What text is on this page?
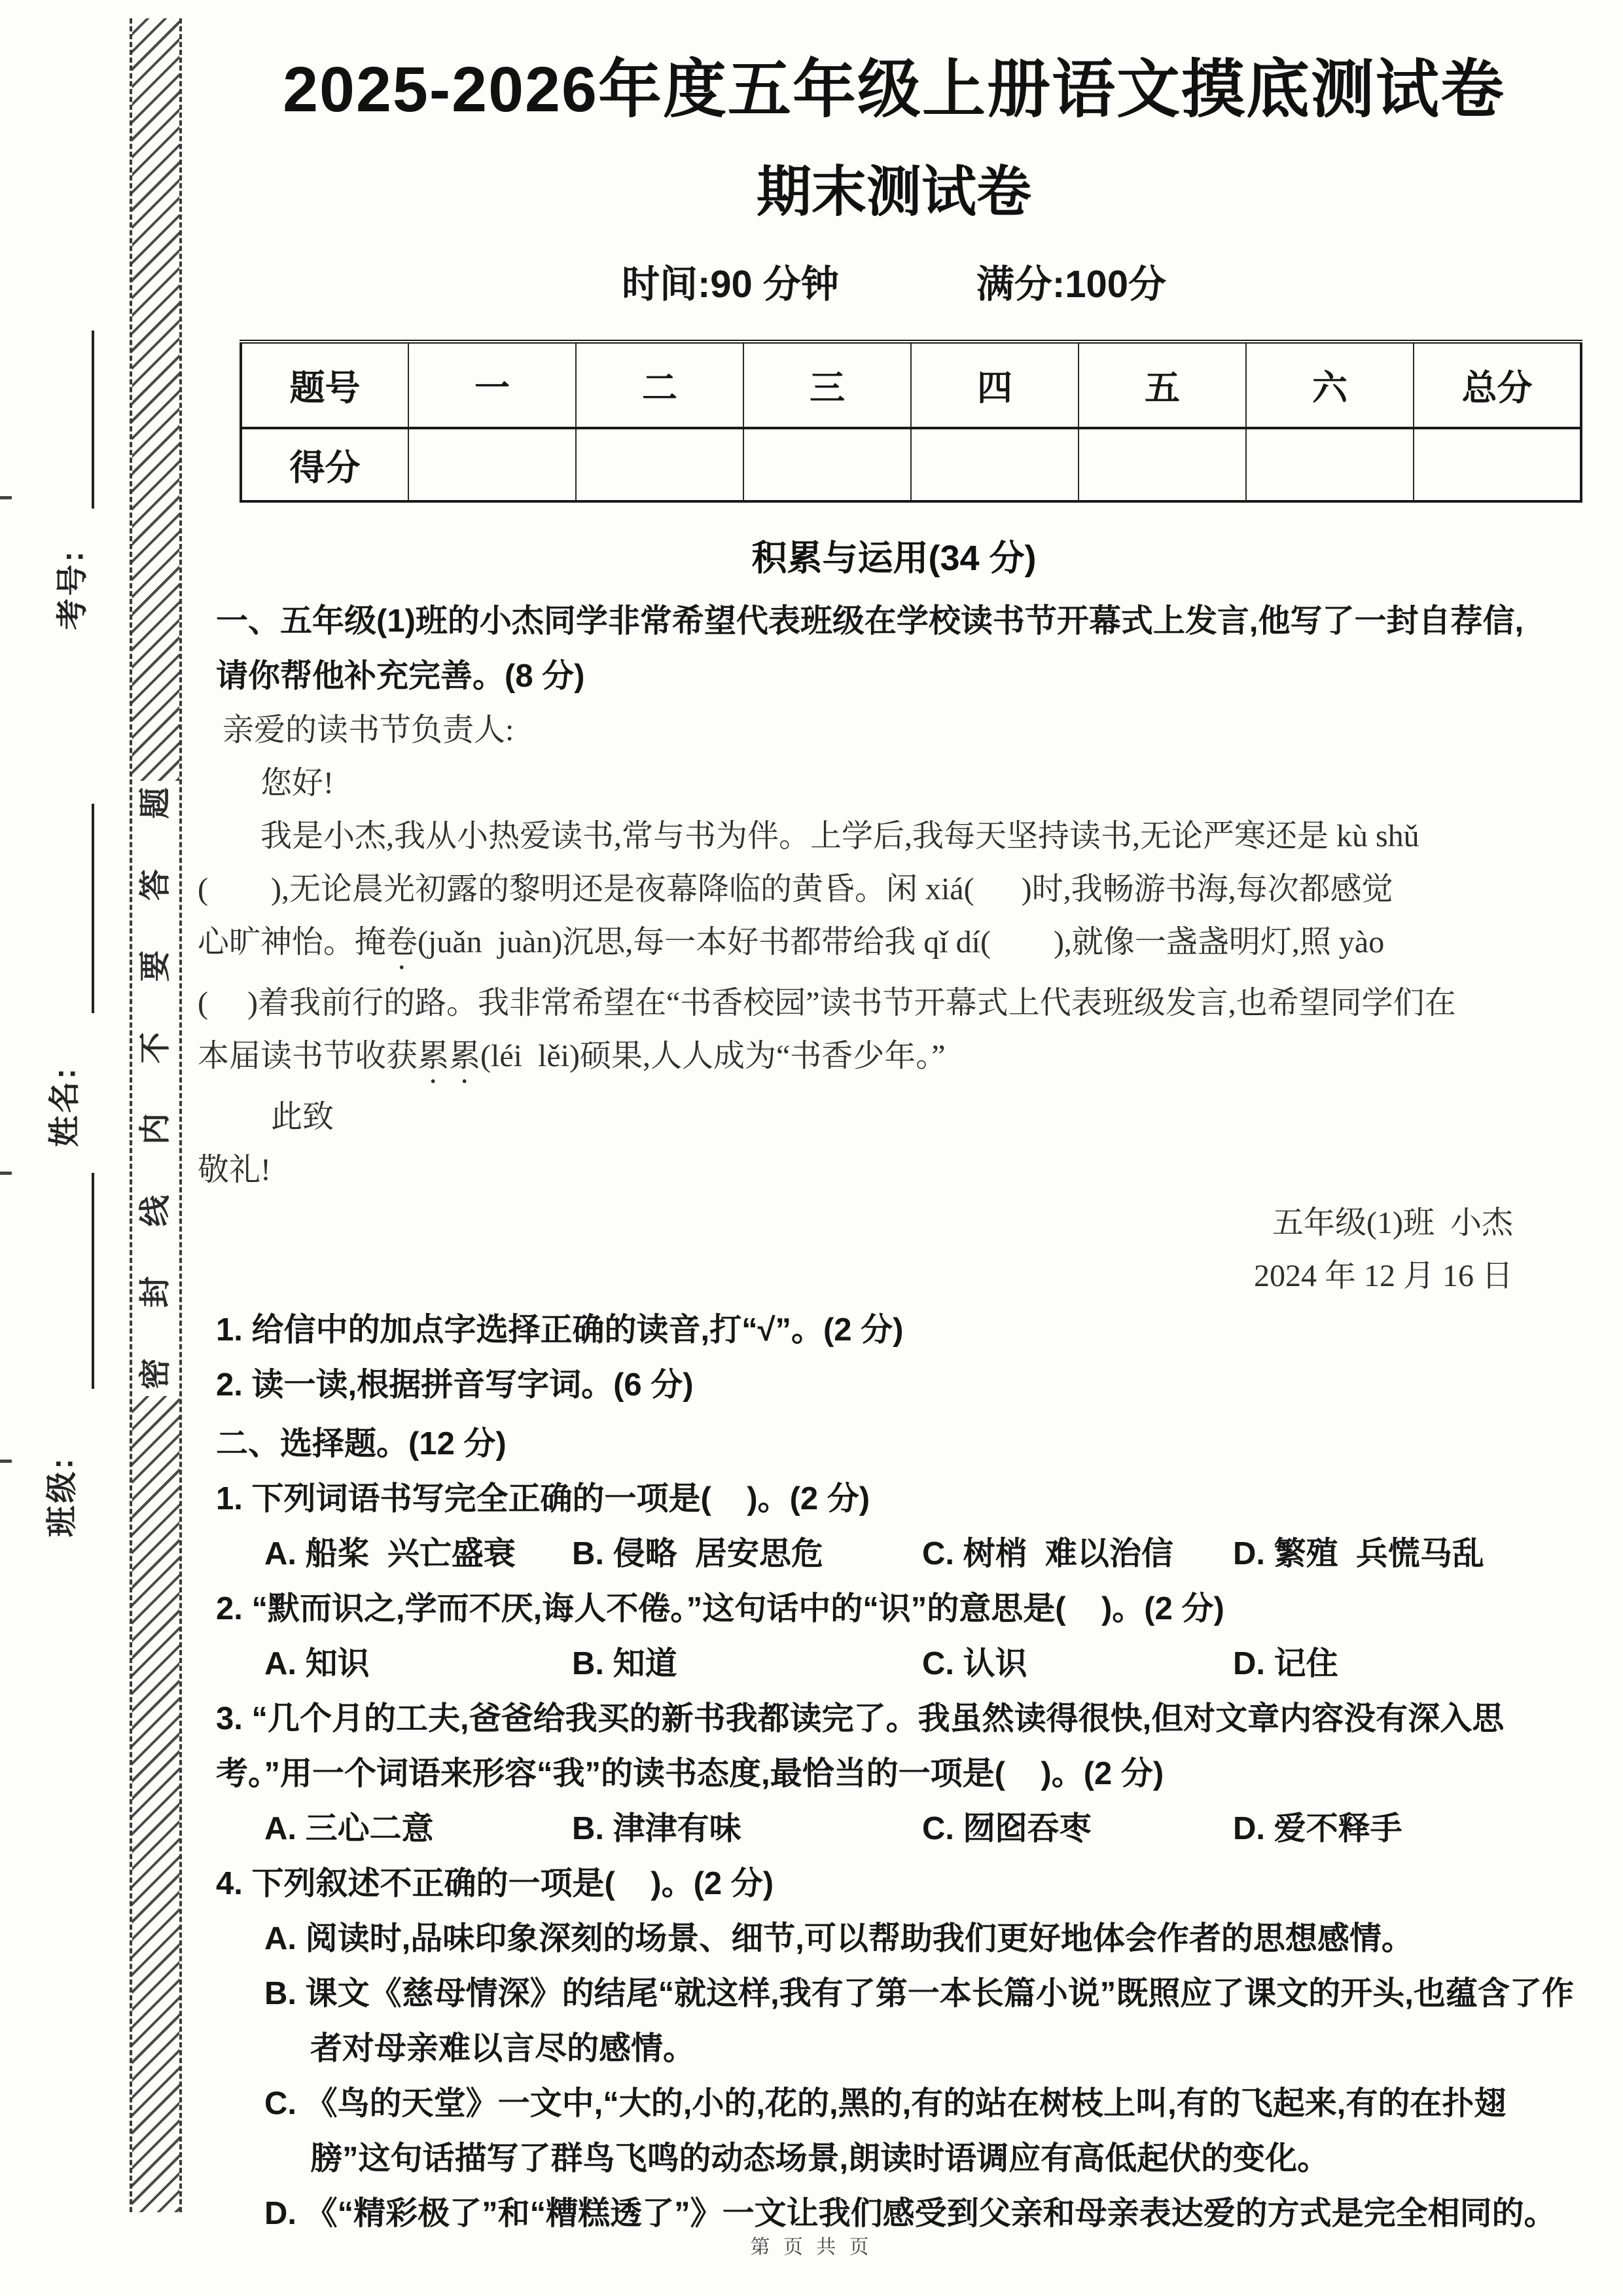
考号:
姓名:
班级:
题
答
要
不
内
线
封
密
2025-2026年度五年级上册语文摸底测试卷
期末测试卷
时间:90 分钟	满分:100分
题号	一	二	三	四	五	六	总分
得分							
积累与运用(34 分)
一、五年级(1)班的小杰同学非常希望代表班级在学校读书节开幕式上发言,他写了一封自荐信,
请你帮他补充完善。(8 分)
亲爱的读书节负责人:
您好!
我是小杰,我从小热爱读书,常与书为伴。上学后,我每天坚持读书,无论严寒还是 kù shǔ
(        ),无论晨光初露的黎明还是夜幕降临的黄昏。闲 xiá(      )时,我畅游书海,每次都感觉
心旷神怡。掩卷(juǎn  juàn)沉思,每一本好书都带给我 qǐ dí(        ),就像一盏盏明灯,照 yào
(     )着我前行的路。我非常希望在“书香校园”读书节开幕式上代表班级发言,也希望同学们在
本届读书节收获累累(léi  lěi)硕果,人人成为“书香少年。”
此致
敬礼!
五年级(1)班  小杰
2024 年 12 月 16 日
1. 给信中的加点字选择正确的读音,打“√”。(2 分)
2. 读一读,根据拼音写字词。(6 分)
二、选择题。(12 分)
1. 下列词语书写完全正确的一项是(    )。(2 分)
A. 船桨  兴亡盛衰	B. 侵略  居安思危	C. 树梢  难以治信	D. 繁殖  兵慌马乱
2. “默而识之,学而不厌,诲人不倦。”这句话中的“识”的意思是(    )。(2 分)
A. 知识	B. 知道	C. 认识	D. 记住
3. “几个月的工夫,爸爸给我买的新书我都读完了。我虽然读得很快,但对文章内容没有深入思
考。”用一个词语来形容“我”的读书态度,最恰当的一项是(    )。(2 分)
A. 三心二意	B. 津津有味	C. 囫囵吞枣	D. 爱不释手
4. 下列叙述不正确的一项是(    )。(2 分)
A. 阅读时,品味印象深刻的场景、细节,可以帮助我们更好地体会作者的思想感情。
B. 课文《慈母情深》的结尾“就这样,我有了第一本长篇小说”既照应了课文的开头,也蕴含了作
者对母亲难以言尽的感情。
C. 《鸟的天堂》一文中,“大的,小的,花的,黑的,有的站在树枝上叫,有的飞起来,有的在扑翅
膀”这句话描写了群鸟飞鸣的动态场景,朗读时语调应有高低起伏的变化。
D. 《“精彩极了”和“糟糕透了”》一文让我们感受到父亲和母亲表达爱的方式是完全相同的。
第 页 共 页
